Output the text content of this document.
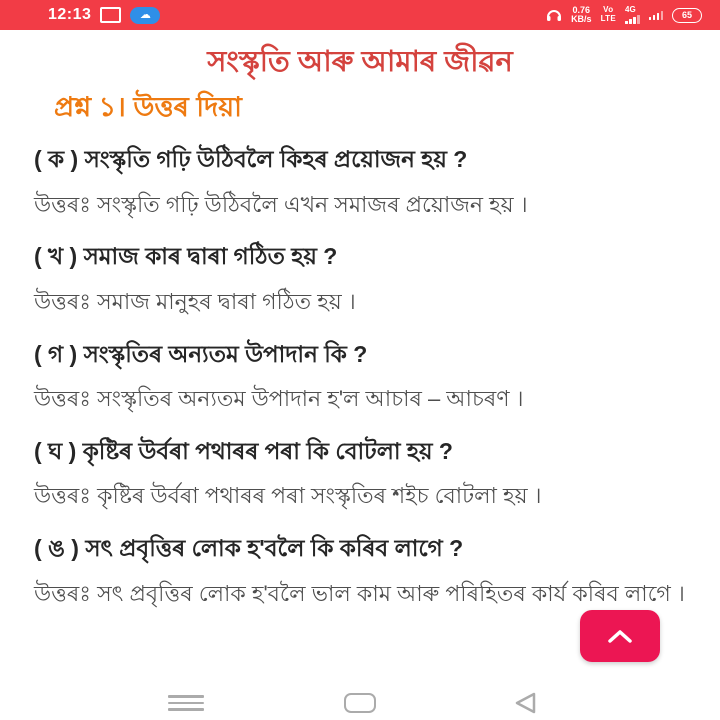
12:13	☁	0.76
KB/s
Vo
LTE
4G
65
সংস্কৃতি আৰু আমাৰ জীৱন
প্ৰশ্ন ১। উত্তৰ দিয়া

( ক ) সংস্কৃতি গঢ়ি উঠিবলৈ কিহৰ প্ৰয়োজন হয় ?

উত্তৰঃ সংস্কৃতি গঢ়ি উঠিবলৈ এখন সমাজৰ প্ৰয়োজন হয় ।

( খ ) সমাজ কাৰ দ্বাৰা গঠিত হয় ?

উত্তৰঃ সমাজ মানুহৰ দ্বাৰা গঠিত হয় ।

( গ ) সংস্কৃতিৰ অন্যতম উপাদান কি ?

উত্তৰঃ সংস্কৃতিৰ অন্যতম উপাদান হ'ল আচাৰ – আচৰণ ।

( ঘ ) কৃষ্টিৰ উৰ্বৰা পথাৰৰ পৰা কি বোটলা হয় ?

উত্তৰঃ কৃষ্টিৰ উৰ্বৰা পথাৰৰ পৰা সংস্কৃতিৰ শইচ বোটলা হয় ।

( ঙ ) সৎ প্ৰবৃত্তিৰ লোক হ'বলৈ কি কৰিব লাগে ?

উত্তৰঃ সৎ প্ৰবৃত্তিৰ লোক হ'বলৈ ভাল কাম আৰু পৰিহিতৰ কাৰ্য কৰিব লাগে ।
